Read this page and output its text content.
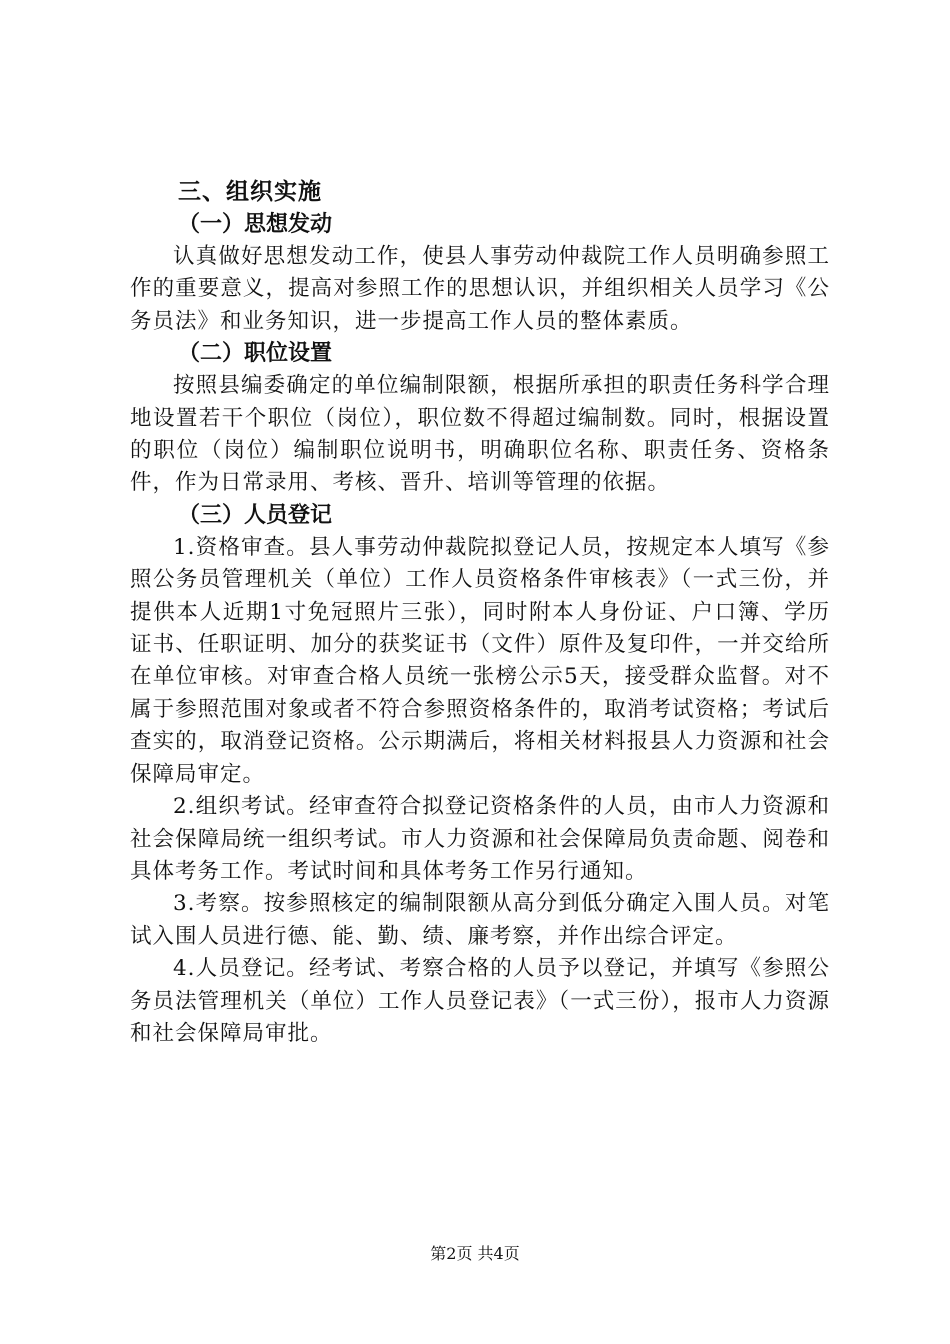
三、组织实施

（一）思想发动

认真做好思想发动工作，使县人事劳动仲裁院工作人员明确参照工作的重要意义，提高对参照工作的思想认识，并组织相关人员学习《公务员法》和业务知识，进一步提高工作人员的整体素质。

（二）职位设置

按照县编委确定的单位编制限额，根据所承担的职责任务科学合理地设置若干个职位（岗位），职位数不得超过编制数。同时，根据设置的职位（岗位）编制职位说明书，明确职位名称、职责任务、资格条件，作为日常录用、考核、晋升、培训等管理的依据。

（三）人员登记

1.资格审查。县人事劳动仲裁院拟登记人员，按规定本人填写《参照公务员管理机关（单位）工作人员资格条件审核表》（一式三份，并提供本人近期1寸免冠照片三张），同时附本人身份证、户口簿、学历证书、任职证明、加分的获奖证书（文件）原件及复印件，一并交给所在单位审核。对审查合格人员统一张榜公示5天，接受群众监督。对不属于参照范围对象或者不符合参照资格条件的，取消考试资格；考试后查实的，取消登记资格。公示期满后，将相关材料报县人力资源和社会保障局审定。

2.组织考试。经审查符合拟登记资格条件的人员，由市人力资源和社会保障局统一组织考试。市人力资源和社会保障局负责命题、阅卷和具体考务工作。考试时间和具体考务工作另行通知。

3.考察。按参照核定的编制限额从高分到低分确定入围人员。对笔试入围人员进行德、能、勤、绩、廉考察，并作出综合评定。

4.人员登记。经考试、考察合格的人员予以登记，并填写《参照公务员法管理机关（单位）工作人员登记表》（一式三份），报市人力资源和社会保障局审批。

第2页 共4页
